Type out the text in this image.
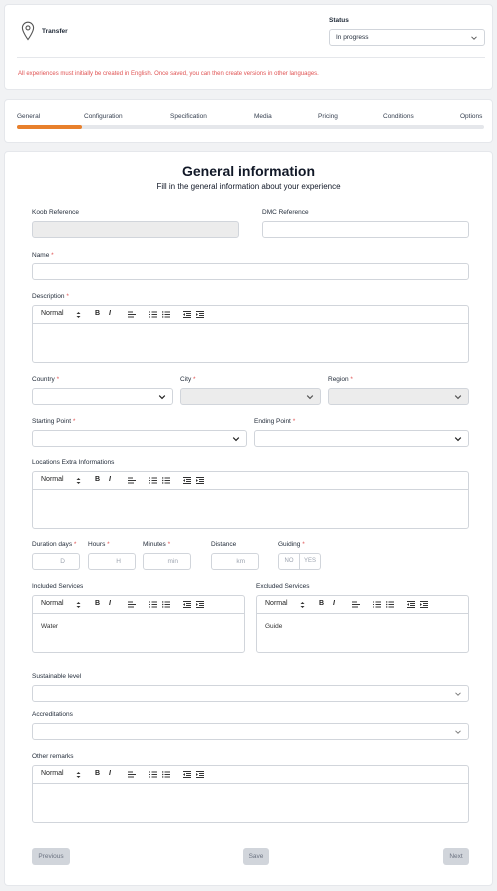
Transfer
Status
In progress
All experiences must initially be created in English. Once saved, you can then create versions in other languages.
General	Configuration	Specification	Media	Pricing	Conditions	Options
General information
Fill in the general information about your experience
Koob Reference	DMC Reference
Name *
Description *
Normal	B I
Country *	City *	Region *
Starting Point *	Ending Point *
Locations Extra Informations
Normal	B I
Duration days *
D
Hours *
H
Minutes *
min
Distance
km
Guiding *
NO	YES
Included Services
Normal	B I
Water
Excluded Services
Normal	B I
Guide
Sustainable level
Accreditations
Other remarks
Normal	B I
Previous	Save	Next
